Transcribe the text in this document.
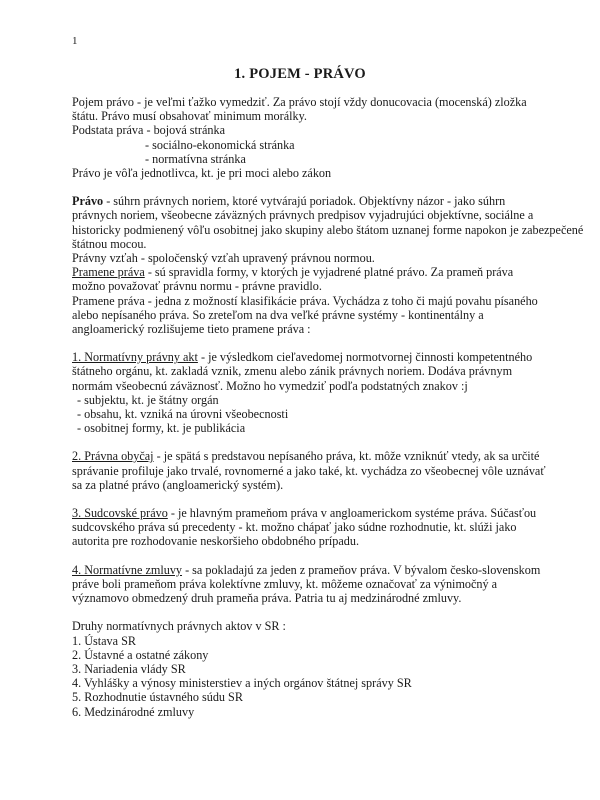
1
1. POJEM - PRÁVO
Pojem právo - je veľmi ťažko vymedziť. Za právo stojí vždy donucovacia (mocenská) zložka
štátu. Právo musí obsahovať minimum morálky.
Podstata práva - bojová stránka
- sociálno-ekonomická stránka
- normatívna stránka
Právo je vôľa jednotlivca, kt. je pri moci alebo zákon
Právo - súhrn právnych noriem, ktoré vytvárajú poriadok. Objektívny názor - jako súhrn
právnych noriem, všeobecne záväzných právnych predpisov vyjadrujúci objektívne, sociálne a
historicky podmienený vôľu osobitnej jako skupiny alebo štátom uznanej forme napokon je zabezpečené
štátnou mocou.
Právny vzťah - spoločenský vzťah upravený právnou normou.
Pramene práva - sú spravidla formy, v ktorých je vyjadrené platné právo. Za prameň práva
možno považovať právnu normu - právne pravidlo.
Pramene práva - jedna z možností klasifikácie práva. Vychádza z toho či majú povahu písaného
alebo nepísaného práva. So zreteľom na dva veľké právne systémy - kontinentálny a
angloamerický rozlišujeme tieto pramene práva :
1. Normatívny právny akt - je výsledkom cieľavedomej normotvornej činnosti kompetentného
štátneho orgánu, kt. zakladá vznik, zmenu alebo zánik právnych noriem. Dodáva právnym
normám všeobecnú záväznosť. Možno ho vymedziť podľa podstatných znakov :j
- subjektu, kt. je štátny orgán
- obsahu, kt. vzniká na úrovni všeobecnosti
- osobitnej formy, kt. je publikácia
2. Právna obyčaj - je spätá s predstavou nepísaného práva, kt. môže vzniknúť vtedy, ak sa určité
správanie profiluje jako trvalé, rovnomerné a jako také, kt. vychádza zo všeobecnej vôle uznávať
sa za platné právo (angloamerický systém).
3. Sudcovské právo - je hlavným prameňom práva v angloamerickom systéme práva. Súčasťou
sudcovského práva sú precedenty - kt. možno chápať jako súdne rozhodnutie, kt. slúži jako
autorita pre rozhodovanie neskoršieho obdobného prípadu.
4. Normatívne zmluvy - sa pokladajú za jeden z prameňov práva. V bývalom česko-slovenskom
práve boli prameňom práva kolektívne zmluvy, kt. môžeme označovať za výnimočný a
významovo obmedzený druh prameňa práva. Patria tu aj medzinárodné zmluvy.
Druhy normatívnych právnych aktov v SR :
1. Ústava SR
2. Ústavné a ostatné zákony
3. Nariadenia vlády SR
4. Vyhlášky a výnosy ministerstiev a iných orgánov štátnej správy SR
5. Rozhodnutie ústavného súdu SR
6. Medzinárodné zmluvy
